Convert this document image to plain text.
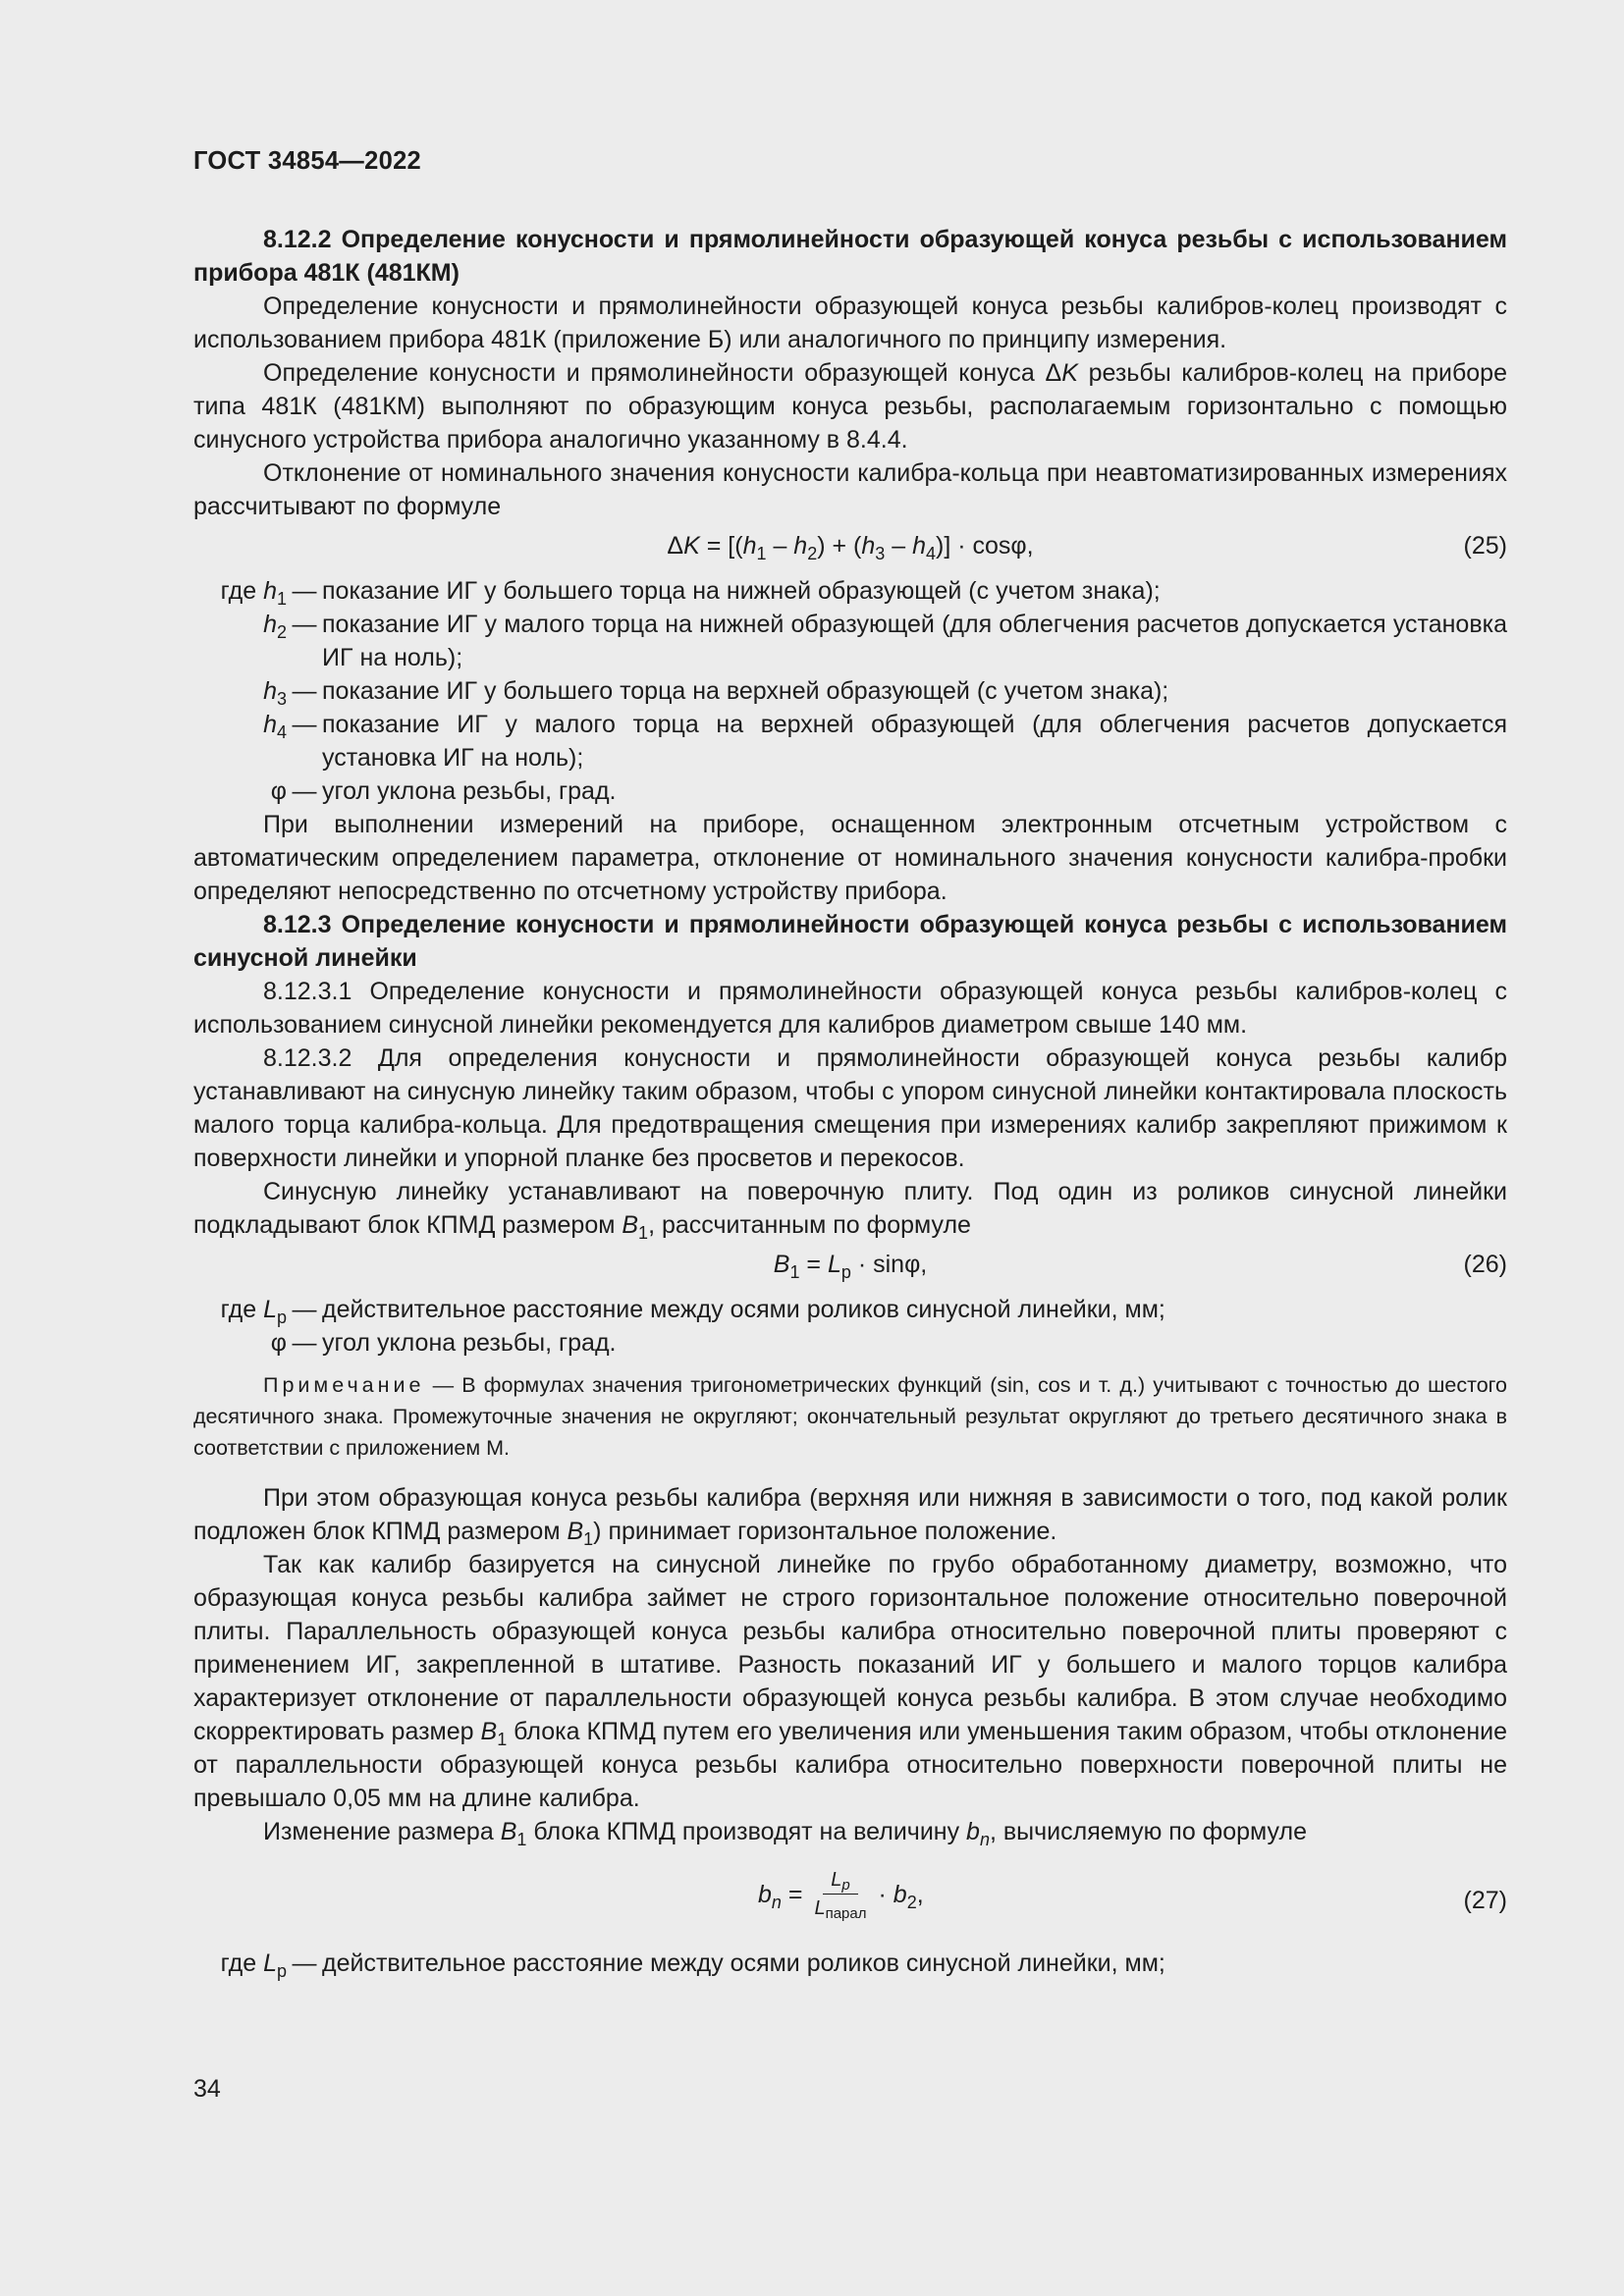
ГОСТ 34854—2022

8.12.2 Определение конусности и прямолинейности образующей конуса резьбы с использованием прибора 481К (481КМ)

Определение конусности и прямолинейности образующей конуса резьбы калибров-колец производят с использованием прибора 481К (приложение Б) или аналогичного по принципу измерения.

Определение конусности и прямолинейности образующей конуса ΔK резьбы калибров-колец на приборе типа 481К (481КМ) выполняют по образующим конуса резьбы, располагаемым горизонтально с помощью синусного устройства прибора аналогично указанному в 8.4.4.

Отклонение от номинального значения конусности калибра-кольца при неавтоматизированных измерениях рассчитывают по формуле

$\Delta K = [(h_1 - h_2) + (h_3 - h_4)] \cdot \cos\varphi$,	(25)
где $h_1$ — показание ИГ у большего торца на нижней образующей (с учетом знака);
$h_2$ — показание ИГ у малого торца на нижней образующей (для облегчения расчетов допускается установка ИГ на ноль);
$h_3$ — показание ИГ у большего торца на верхней образующей (с учетом знака);
$h_4$ — показание ИГ у малого торца на верхней образующей (для облегчения расчетов допускается установка ИГ на ноль);
φ — угол уклона резьбы, град.

При выполнении измерений на приборе, оснащенном электронным отсчетным устройством с автоматическим определением параметра, отклонение от номинального значения конусности калибра-пробки определяют непосредственно по отсчетному устройству прибора.

8.12.3 Определение конусности и прямолинейности образующей конуса резьбы с использованием синусной линейки

8.12.3.1 Определение конусности и прямолинейности образующей конуса резьбы калибров-колец с использованием синусной линейки рекомендуется для калибров диаметром свыше 140 мм.

8.12.3.2 Для определения конусности и прямолинейности образующей конуса резьбы калибр устанавливают на синусную линейку таким образом, чтобы с упором синусной линейки контактировала плоскость малого торца калибра-кольца. Для предотвращения смещения при измерениях калибр закрепляют прижимом к поверхности линейки и упорной планке без просветов и перекосов.

Синусную линейку устанавливают на поверочную плиту. Под один из роликов синусной линейки подкладывают блок КПМД размером $B_1$, рассчитанным по формуле

$B_1 = L_р \cdot \sin\varphi$,	(26)
где $L_р$ — действительное расстояние между осями роликов синусной линейки, мм;
φ — угол уклона резьбы, град.
Примечание — В формулах значения тригонометрических функций (sin, cos и т. д.) учитывают с точностью до шестого десятичного знака. Промежуточные значения не округляют; окончательный результат округляют до третьего десятичного знака в соответствии с приложением М.

При этом образующая конуса резьбы калибра (верхняя или нижняя в зависимости о того, под какой ролик подложен блок КПМД размером $B_1$) принимает горизонтальное положение.

Так как калибр базируется на синусной линейке по грубо обработанному диаметру, возможно, что образующая конуса резьбы калибра займет не строго горизонтальное положение относительно поверочной плиты. Параллельность образующей конуса резьбы калибра относительно поверочной плиты проверяют с применением ИГ, закрепленной в штативе. Разность показаний ИГ у большего и малого торцов калибра характеризует отклонение от параллельности образующей конуса резьбы калибра. В этом случае необходимо скорректировать размер $B_1$ блока КПМД путем его увеличения или уменьшения таким образом, чтобы отклонение от параллельности образующей конуса резьбы калибра относительно поверхности поверочной плиты не превышало 0,05 мм на длине калибра.

Изменение размера $B_1$ блока КПМД производят на величину $b_n$, вычисляемую по формуле

$b_n = \frac{L_p}{L_{парал}} \cdot b_2$,	(27)
где $L_р$ — действительное расстояние между осями роликов синусной линейки, мм;
34
